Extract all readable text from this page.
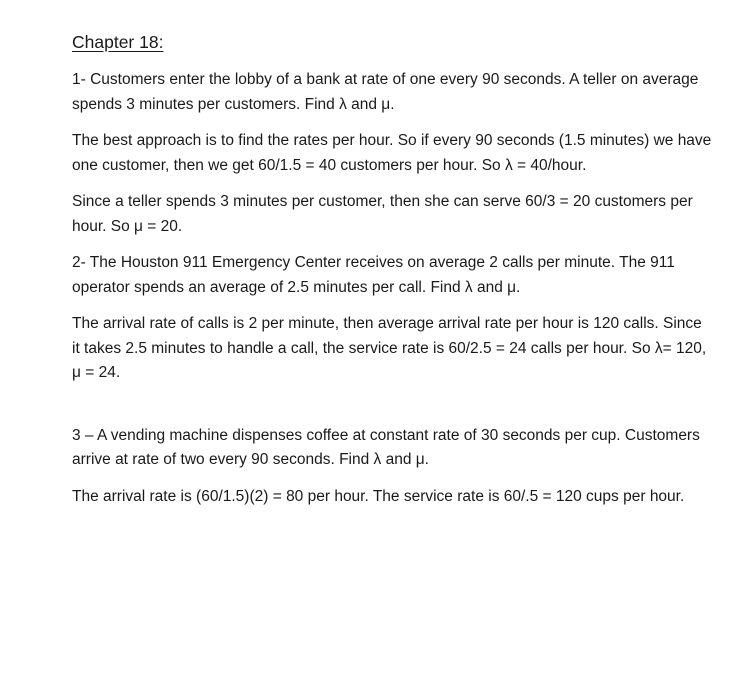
Chapter 18:

1- Customers enter the lobby of a bank at rate of one every 90 seconds. A teller on average spends 3 minutes per customers. Find λ and μ.

The best approach is to find the rates per hour. So if every 90 seconds (1.5 minutes) we have one customer, then we get 60/1.5 = 40 customers per hour. So λ = 40/hour.

Since a teller spends 3 minutes per customer, then she can serve 60/3 = 20 customers per hour. So μ = 20.

2- The Houston 911 Emergency Center receives on average 2 calls per minute. The 911 operator spends an average of 2.5 minutes per call. Find λ and μ.

The arrival rate of calls is 2 per minute, then average arrival rate per hour is 120 calls. Since it takes 2.5 minutes to handle a call, the service rate is 60/2.5 = 24 calls per hour. So λ= 120, μ = 24.

3 – A vending machine dispenses coffee at constant rate of 30 seconds per cup. Customers arrive at rate of two every 90 seconds. Find λ and μ.

The arrival rate is (60/1.5)(2) = 80 per hour. The service rate is 60/.5 = 120 cups per hour.
